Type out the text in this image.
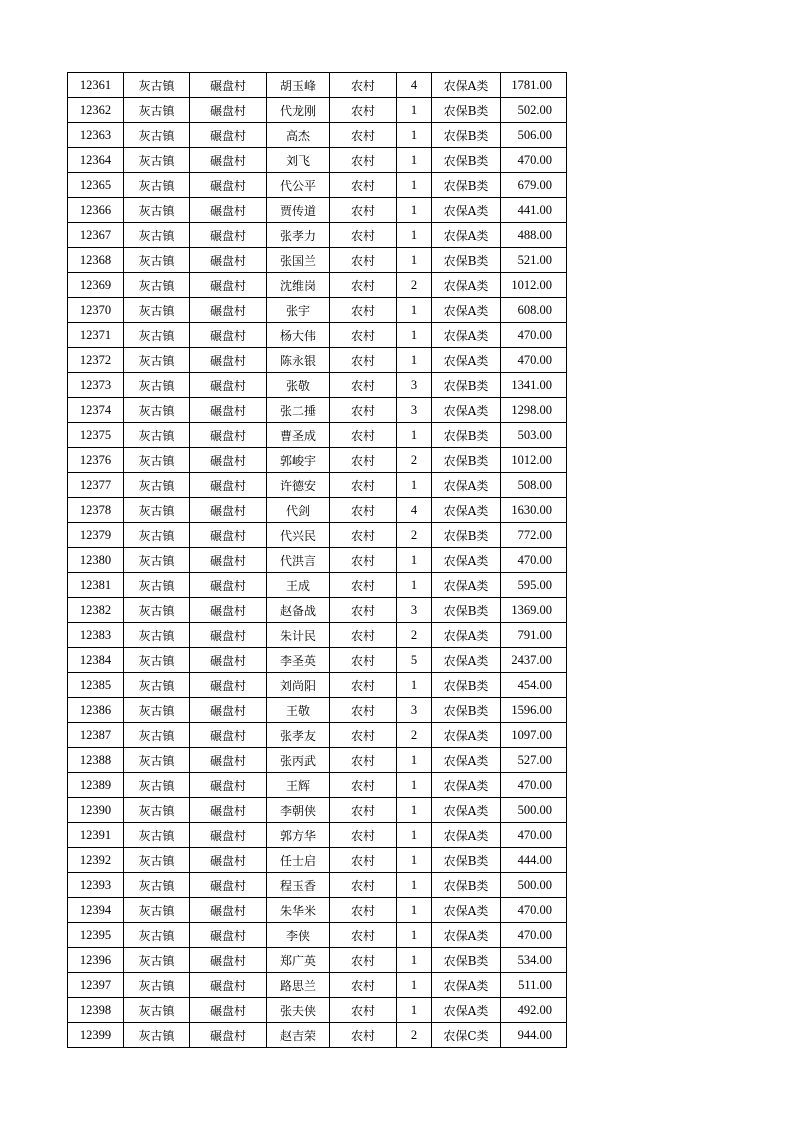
12361	灰古镇	碾盘村	胡玉峰	农村	4	农保A类	1781.00
12362	灰古镇	碾盘村	代龙刚	农村	1	农保B类	502.00
12363	灰古镇	碾盘村	高杰	农村	1	农保B类	506.00
12364	灰古镇	碾盘村	刘飞	农村	1	农保B类	470.00
12365	灰古镇	碾盘村	代公平	农村	1	农保B类	679.00
12366	灰古镇	碾盘村	贾传道	农村	1	农保A类	441.00
12367	灰古镇	碾盘村	张孝力	农村	1	农保A类	488.00
12368	灰古镇	碾盘村	张国兰	农村	1	农保B类	521.00
12369	灰古镇	碾盘村	沈维岗	农村	2	农保A类	1012.00
12370	灰古镇	碾盘村	张宇	农村	1	农保A类	608.00
12371	灰古镇	碾盘村	杨大伟	农村	1	农保A类	470.00
12372	灰古镇	碾盘村	陈永银	农村	1	农保A类	470.00
12373	灰古镇	碾盘村	张敬	农村	3	农保B类	1341.00
12374	灰古镇	碾盘村	张二捶	农村	3	农保A类	1298.00
12375	灰古镇	碾盘村	曹圣成	农村	1	农保B类	503.00
12376	灰古镇	碾盘村	郭峻宇	农村	2	农保B类	1012.00
12377	灰古镇	碾盘村	许德安	农村	1	农保A类	508.00
12378	灰古镇	碾盘村	代剑	农村	4	农保A类	1630.00
12379	灰古镇	碾盘村	代兴民	农村	2	农保B类	772.00
12380	灰古镇	碾盘村	代洪言	农村	1	农保A类	470.00
12381	灰古镇	碾盘村	王成	农村	1	农保A类	595.00
12382	灰古镇	碾盘村	赵备战	农村	3	农保B类	1369.00
12383	灰古镇	碾盘村	朱计民	农村	2	农保A类	791.00
12384	灰古镇	碾盘村	李圣英	农村	5	农保A类	2437.00
12385	灰古镇	碾盘村	刘尚阳	农村	1	农保B类	454.00
12386	灰古镇	碾盘村	王敬	农村	3	农保B类	1596.00
12387	灰古镇	碾盘村	张孝友	农村	2	农保A类	1097.00
12388	灰古镇	碾盘村	张丙武	农村	1	农保A类	527.00
12389	灰古镇	碾盘村	王辉	农村	1	农保A类	470.00
12390	灰古镇	碾盘村	李朝侠	农村	1	农保A类	500.00
12391	灰古镇	碾盘村	郭方华	农村	1	农保A类	470.00
12392	灰古镇	碾盘村	任士启	农村	1	农保B类	444.00
12393	灰古镇	碾盘村	程玉香	农村	1	农保B类	500.00
12394	灰古镇	碾盘村	朱华米	农村	1	农保A类	470.00
12395	灰古镇	碾盘村	李侠	农村	1	农保A类	470.00
12396	灰古镇	碾盘村	郑广英	农村	1	农保B类	534.00
12397	灰古镇	碾盘村	路思兰	农村	1	农保A类	511.00
12398	灰古镇	碾盘村	张夫侠	农村	1	农保A类	492.00
12399	灰古镇	碾盘村	赵吉荣	农村	2	农保C类	944.00
